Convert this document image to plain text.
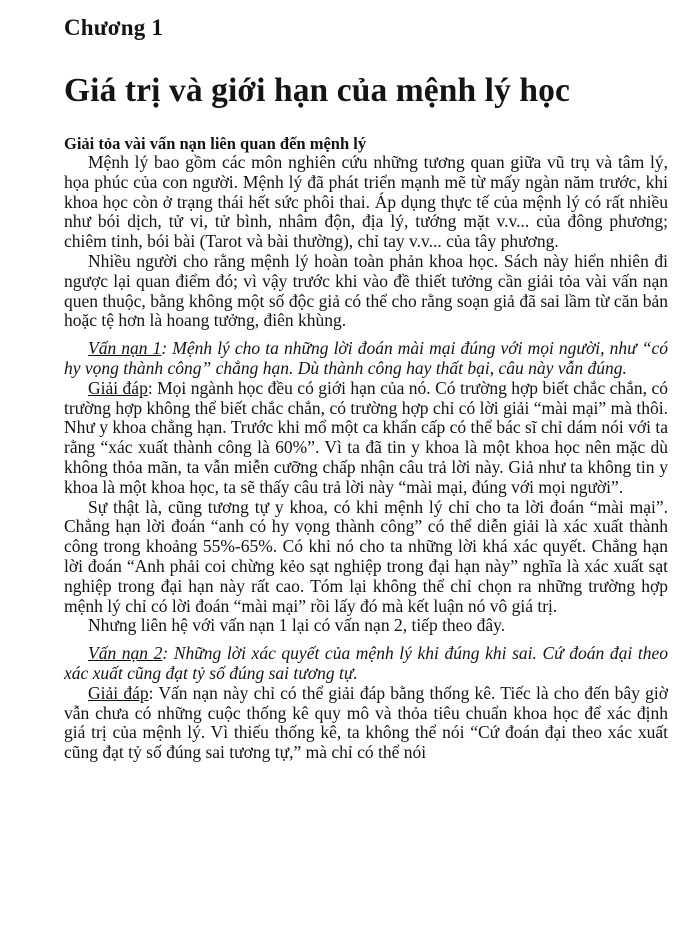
Chương 1
Giá trị và giới hạn của mệnh lý học
Giải tỏa vài vấn nạn liên quan đến mệnh lý

Mệnh lý bao gồm các môn nghiên cứu những tương quan giữa vũ trụ và tâm lý, họa phúc của con người. Mệnh lý đã phát triển mạnh mẽ từ mấy ngàn năm trước, khi khoa học còn ở trạng thái hết sức phôi thai. Áp dụng thực tế của mệnh lý có rất nhiều như bói dịch, tử vi, tử bình, nhâm độn, địa lý, tướng mặt v.v... của đông phương; chiêm tinh, bói bài (Tarot và bài thường), chỉ tay v.v... của tây phương.

Nhiều người cho rằng mệnh lý hoàn toàn phản khoa học. Sách này hiển nhiên đi ngược lại quan điểm đó; vì vậy trước khi vào đề thiết tưởng cần giải tỏa vài vấn nạn quen thuộc, bằng không một số độc giả có thể cho rằng soạn giả đã sai lầm từ căn bản hoặc tệ hơn là hoang tưởng, điên khùng.

Vấn nạn 1: Mệnh lý cho ta những lời đoán mài mại đúng với mọi người, như “có hy vọng thành công” chẳng hạn. Dù thành công hay thất bại, câu này vẫn đúng.

Giải đáp: Mọi ngành học đều có giới hạn của nó. Có trường hợp biết chắc chắn, có trường hợp không thể biết chắc chắn, có trường hợp chỉ có lời giải “mài mại” mà thôi. Như y khoa chẳng hạn. Trước khi mổ một ca khẩn cấp có thể bác sĩ chỉ dám nói với ta rằng “xác xuất thành công là 60%”. Vì ta đã tin y khoa là một khoa học nên mặc dù không thỏa mãn, ta vẫn miễn cưỡng chấp nhận câu trả lời này. Giả như ta không tin y khoa là một khoa học, ta sẽ thấy câu trả lời này “mài mại, đúng với mọi người”.

Sự thật là, cũng tương tự y khoa, có khi mệnh lý chỉ cho ta lời đoán “mài mại”. Chẳng hạn lời đoán “anh có hy vọng thành công” có thể diễn giải là xác xuất thành công trong khoảng 55%-65%. Có khi nó cho ta những lời khá xác quyết. Chẳng hạn lời đoán “Anh phải coi chừng kẻo sạt nghiệp trong đại hạn này” nghĩa là xác xuất sạt nghiệp trong đại hạn này rất cao. Tóm lại không thể chỉ chọn ra những trường hợp mệnh lý chỉ có lời đoán “mài mại” rồi lấy đó mà kết luận nó vô giá trị.

Nhưng liên hệ với vấn nạn 1 lại có vấn nạn 2, tiếp theo đây.

Vấn nạn 2: Những lời xác quyết của mệnh lý khi đúng khi sai. Cứ đoán đại theo xác xuất cũng đạt tỷ số đúng sai tương tự.

Giải đáp: Vấn nạn này chỉ có thể giải đáp bằng thống kê. Tiếc là cho đến bây giờ vẫn chưa có những cuộc thống kê quy mô và thỏa tiêu chuẩn khoa học để xác định giá trị của mệnh lý. Vì thiếu thống kê, ta không thể nói “Cứ đoán đại theo xác xuất cũng đạt tỷ số đúng sai tương tự,” mà chỉ có thể nói
